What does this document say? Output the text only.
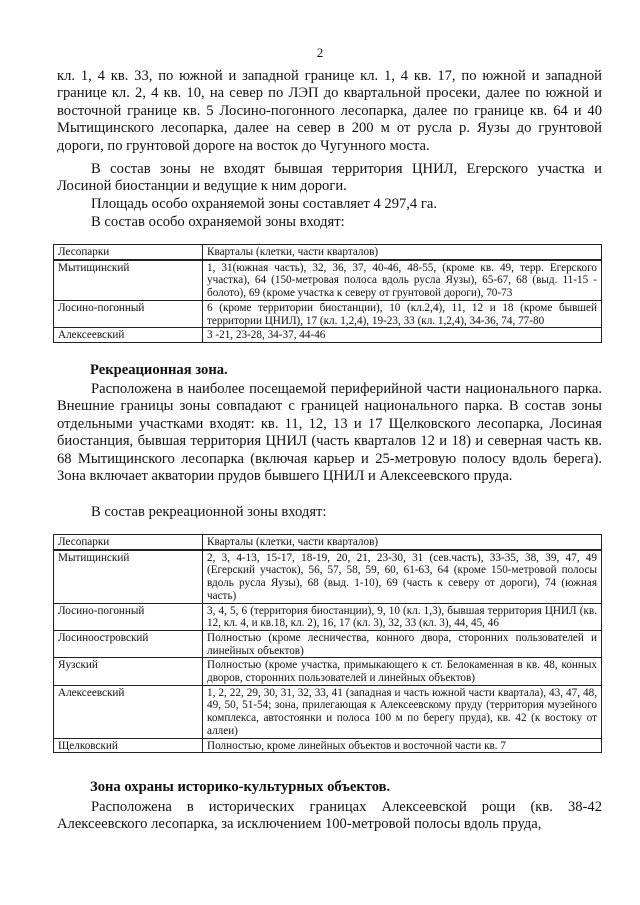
2
кл. 1, 4 кв. 33, по южной и западной границе кл. 1, 4 кв. 17, по южной и западной границе кл. 2, 4 кв. 10, на север по ЛЭП до квартальной просеки, далее по южной и восточной границе кв. 5 Лосино-погонного лесопарка, далее по границе кв. 64 и 40 Мытищинского лесопарка, далее на север в 200 м от русла р. Яузы до грунтовой дороги, по грунтовой дороге на восток до Чугунного моста.
В состав зоны не входят бывшая территория ЦНИЛ, Егерского участка и Лосиной биостанции и ведущие к ним дороги.
Площадь особо охраняемой зоны составляет 4 297,4 га.
В состав особо охраняемой зоны входят:
Лесопарки	Кварталы (клетки, части кварталов)
Мытищинский	1, 31(южная часть), 32, 36, 37, 40-46, 48-55, (кроме кв. 49, терр. Егерского участка), 64 (150-метровая полоса вдоль русла Яузы), 65-67, 68 (выд. 11-15 - болото), 69 (кроме участка к северу от грунтовой дороги), 70-73
Лосино-погонный	6 (кроме территории биостанции), 10 (кл.2,4), 11, 12 и 18 (кроме бывшей территории ЦНИЛ), 17 (кл. 1,2,4), 19-23, 33 (кл. 1,2,4), 34-36, 74, 77-80
Алексеевский	3 -21, 23-28, 34-37, 44-46
Рекреационная зона.
Расположена в наиболее посещаемой периферийной части национального парка. Внешние границы зоны совпадают с границей национального парка. В состав зоны отдельными участками входят: кв. 11, 12, 13 и 17 Щелковского лесопарка, Лосиная биостанция, бывшая территория ЦНИЛ (часть кварталов 12 и 18) и северная часть кв. 68 Мытищинского лесопарка (включая карьер и 25-метровую полосу вдоль берега). Зона включает акватории прудов бывшего ЦНИЛ и Алексеевского пруда.
В состав рекреационной зоны входят:
Лесопарки	Кварталы (клетки, части кварталов)
Мытищинский	2, 3, 4-13, 15-17, 18-19, 20, 21, 23-30, 31 (сев.часть), 33-35, 38, 39, 47, 49 (Егерский участок), 56, 57, 58, 59, 60, 61-63, 64 (кроме 150-метровой полосы вдоль русла Яузы), 68 (выд. 1-10), 69 (часть к северу от дороги), 74 (южная часть)
Лосино-погонный	3, 4, 5, 6 (территория биостанции), 9, 10 (кл. 1,3), бывшая территория ЦНИЛ (кв. 12, кл. 4, и кв.18, кл. 2), 16, 17 (кл. 3), 32, 33 (кл. 3), 44, 45, 46
Лосиноостровский	Полностью (кроме лесничества, конного двора, сторонних пользователей и линейных объектов)
Яузский	Полностью (кроме участка, примыкающего к ст. Белокаменная в кв. 48, конных дворов, сторонних пользователей и линейных объектов)
Алексеевский	1, 2, 22, 29, 30, 31, 32, 33, 41 (западная и часть южной части квартала), 43, 47, 48, 49, 50, 51-54; зона, прилегающая к Алексеевскому пруду (территория музейного комплекса, автостоянки и полоса 100 м по берегу пруда), кв. 42 (к востоку от аллеи)
Щелковский	Полностью, кроме линейных объектов и восточной части кв. 7
Зона охраны историко-культурных объектов.
Расположена в исторических границах Алексеевской рощи (кв. 38-42 Алексеевского лесопарка, за исключением 100-метровой полосы вдоль пруда,
